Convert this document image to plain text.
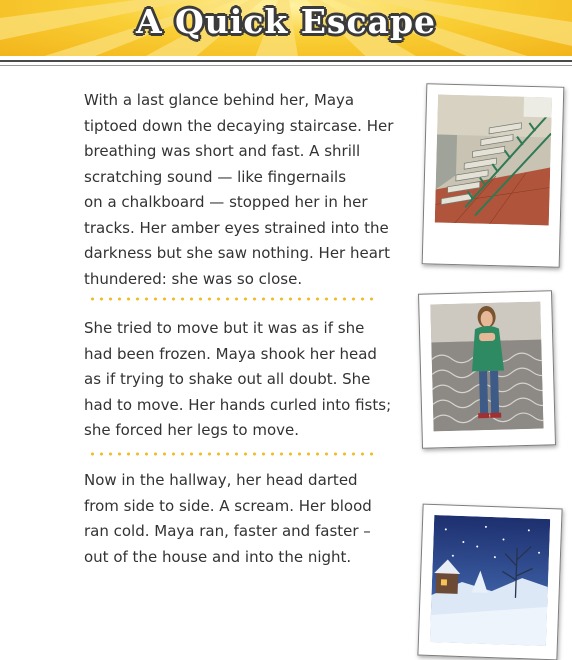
A Quick Escape
With a last glance behind her, Maya
tiptoed down the decaying staircase. Her
breathing was short and fast. A shrill
scratching sound — like fingernails
on a chalkboard — stopped her in her
tracks. Her amber eyes strained into the
darkness but she saw nothing. Her heart
thundered: she was so close.
She tried to move but it was as if she
had been frozen. Maya shook her head
as if trying to shake out all doubt. She
had to move. Her hands curled into fists;
she forced her legs to move.
Now in the hallway, her head darted
from side to side. A scream. Her blood
ran cold. Maya ran, faster and faster –
out of the house and into the night.
